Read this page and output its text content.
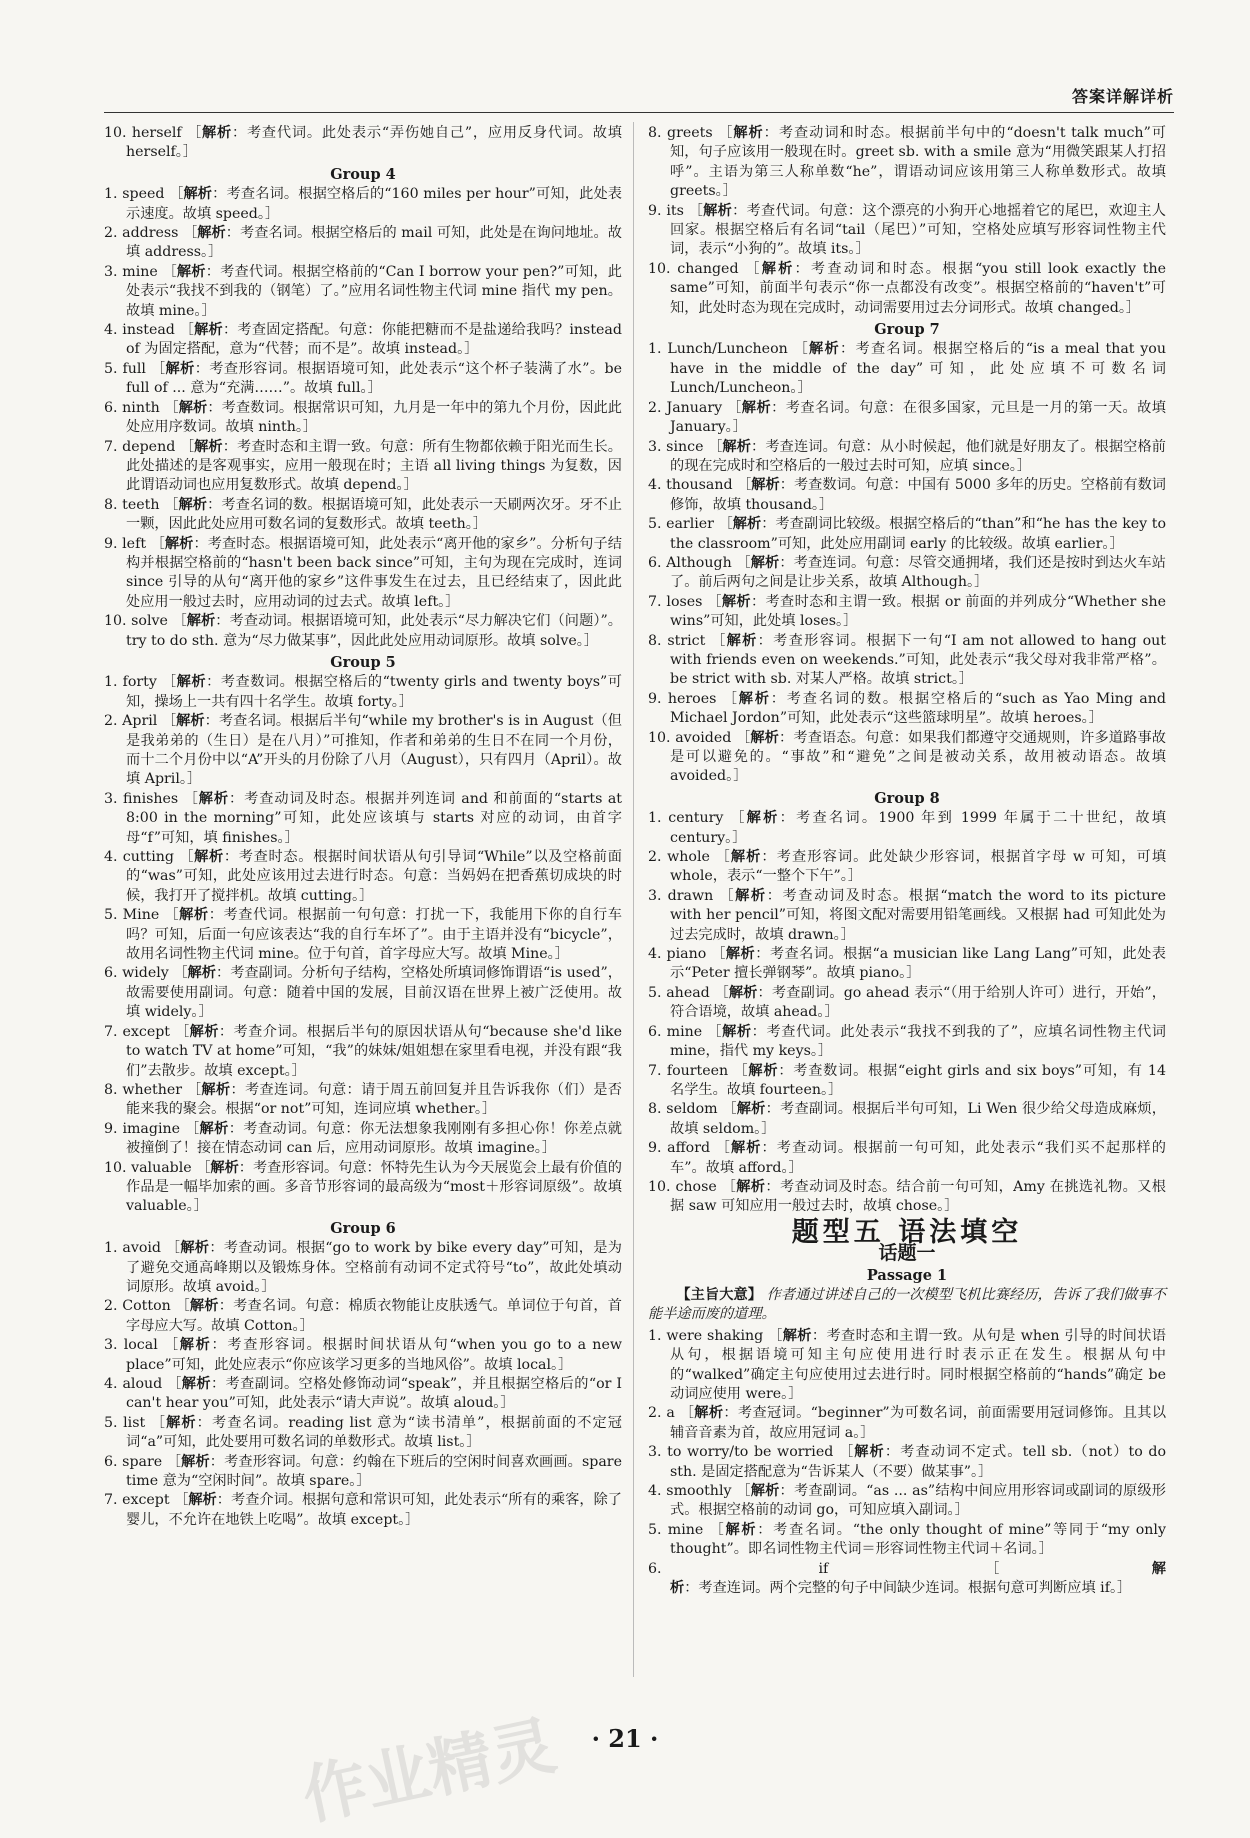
答案详解详析

10. herself ［解析：考查代词。此处表示“弄伤她自己”，应用反身代词。故填 herself。］

Group 4

1. speed ［解析：考查名词。根据空格后的“160 miles per hour”可知，此处表示速度。故填 speed。］

2. address ［解析：考查名词。根据空格后的 mail 可知，此处是在询问地址。故填 address。］

3. mine ［解析：考查代词。根据空格前的“Can I borrow your pen?”可知，此处表示“我找不到我的（钢笔）了。”应用名词性物主代词 mine 指代 my pen。故填 mine。］

4. instead ［解析：考查固定搭配。句意：你能把糖而不是盐递给我吗？instead of 为固定搭配，意为“代替；而不是”。故填 instead。］

5. full ［解析：考查形容词。根据语境可知，此处表示“这个杯子装满了水”。be full of ... 意为“充满……”。故填 full。］

6. ninth ［解析：考查数词。根据常识可知，九月是一年中的第九个月份，因此此处应用序数词。故填 ninth。］

7. depend ［解析：考查时态和主谓一致。句意：所有生物都依赖于阳光而生长。此处描述的是客观事实，应用一般现在时；主语 all living things 为复数，因此谓语动词也应用复数形式。故填 depend。］

8. teeth ［解析：考查名词的数。根据语境可知，此处表示一天刷两次牙。牙不止一颗，因此此处应用可数名词的复数形式。故填 teeth。］

9. left ［解析：考查时态。根据语境可知，此处表示“离开他的家乡”。分析句子结构并根据空格前的“hasn't been back since”可知，主句为现在完成时，连词 since 引导的从句“离开他的家乡”这件事发生在过去，且已经结束了，因此此处应用一般过去时，应用动词的过去式。故填 left。］

10. solve ［解析：考查动词。根据语境可知，此处表示“尽力解决它们（问题）”。try to do sth. 意为“尽力做某事”，因此此处应用动词原形。故填 solve。］

Group 5

1. forty ［解析：考查数词。根据空格后的“twenty girls and twenty boys”可知，操场上一共有四十名学生。故填 forty。］

2. April ［解析：考查名词。根据后半句“while my brother's is in August（但是我弟弟的（生日）是在八月）”可推知，作者和弟弟的生日不在同一个月份，而十二个月份中以“A”开头的月份除了八月（August），只有四月（April）。故填 April。］

3. finishes ［解析：考查动词及时态。根据并列连词 and 和前面的“starts at 8:00 in the morning”可知，此处应该填与 starts 对应的动词，由首字母“f”可知，填 finishes。］

4. cutting ［解析：考查时态。根据时间状语从句引导词“While”以及空格前面的“was”可知，此处应该用过去进行时态。句意：当妈妈在把香蕉切成块的时候，我打开了搅拌机。故填 cutting。］

5. Mine ［解析：考查代词。根据前一句句意：打扰一下，我能用下你的自行车吗？可知，后面一句应该表达“我的自行车坏了”。由于主语并没有“bicycle”，故用名词性物主代词 mine。位于句首，首字母应大写。故填 Mine。］

6. widely ［解析：考查副词。分析句子结构，空格处所填词修饰谓语“is used”，故需要使用副词。句意：随着中国的发展，目前汉语在世界上被广泛使用。故填 widely。］

7. except ［解析：考查介词。根据后半句的原因状语从句“because she'd like to watch TV at home”可知，“我”的妹妹/姐姐想在家里看电视，并没有跟“我们”去散步。故填 except。］

8. whether ［解析：考查连词。句意：请于周五前回复并且告诉我你（们）是否能来我的聚会。根据“or not”可知，连词应填 whether。］

9. imagine ［解析：考查动词。句意：你无法想象我刚刚有多担心你！你差点就被撞倒了！接在情态动词 can 后，应用动词原形。故填 imagine。］

10. valuable ［解析：考查形容词。句意：怀特先生认为今天展览会上最有价值的作品是一幅毕加索的画。多音节形容词的最高级为“most＋形容词原级”。故填 valuable。］

Group 6

1. avoid ［解析：考查动词。根据“go to work by bike every day”可知，是为了避免交通高峰期以及锻炼身体。空格前有动词不定式符号“to”，故此处填动词原形。故填 avoid。］

2. Cotton ［解析：考查名词。句意：棉质衣物能让皮肤透气。单词位于句首，首字母应大写。故填 Cotton。］

3. local ［解析：考查形容词。根据时间状语从句“when you go to a new place”可知，此处应表示“你应该学习更多的当地风俗”。故填 local。］

4. aloud ［解析：考查副词。空格处修饰动词“speak”，并且根据空格后的“or I can't hear you”可知，此处表示“请大声说”。故填 aloud。］

5. list ［解析：考查名词。reading list 意为“读书清单”，根据前面的不定冠词“a”可知，此处要用可数名词的单数形式。故填 list。］

6. spare ［解析：考查形容词。句意：约翰在下班后的空闲时间喜欢画画。spare time 意为“空闲时间”。故填 spare。］

7. except ［解析：考查介词。根据句意和常识可知，此处表示“所有的乘客，除了婴儿，不允许在地铁上吃喝”。故填 except。］

8. greets ［解析：考查动词和时态。根据前半句中的“doesn't talk much”可知，句子应该用一般现在时。greet sb. with a smile 意为“用微笑跟某人打招呼”。主语为第三人称单数“he”，谓语动词应该用第三人称单数形式。故填 greets。］

9. its ［解析：考查代词。句意：这个漂亮的小狗开心地摇着它的尾巴，欢迎主人回家。根据空格后有名词“tail（尾巴）”可知，空格处应填写形容词性物主代词，表示“小狗的”。故填 its。］

10. changed ［解析：考查动词和时态。根据“you still look exactly the same”可知，前面半句表示“你一点都没有改变”。根据空格前的“haven't”可知，此处时态为现在完成时，动词需要用过去分词形式。故填 changed。］

Group 7

1. Lunch/Luncheon ［解析：考查名词。根据空格后的“is a meal that you have in the middle of the day”可知，此处应填不可数名词 Lunch/Luncheon。］

2. January ［解析：考查名词。句意：在很多国家，元旦是一月的第一天。故填 January。］

3. since ［解析：考查连词。句意：从小时候起，他们就是好朋友了。根据空格前的现在完成时和空格后的一般过去时可知，应填 since。］

4. thousand ［解析：考查数词。句意：中国有 5000 多年的历史。空格前有数词修饰，故填 thousand。］

5. earlier ［解析：考查副词比较级。根据空格后的“than”和“he has the key to the classroom”可知，此处应用副词 early 的比较级。故填 earlier。］

6. Although ［解析：考查连词。句意：尽管交通拥堵，我们还是按时到达火车站了。前后两句之间是让步关系，故填 Although。］

7. loses ［解析：考查时态和主谓一致。根据 or 前面的并列成分“Whether she wins”可知，此处填 loses。］

8. strict ［解析：考查形容词。根据下一句“I am not allowed to hang out with friends even on weekends.”可知，此处表示“我父母对我非常严格”。be strict with sb. 对某人严格。故填 strict。］

9. heroes ［解析：考查名词的数。根据空格后的“such as Yao Ming and Michael Jordon”可知，此处表示“这些篮球明星”。故填 heroes。］

10. avoided ［解析：考查语态。句意：如果我们都遵守交通规则，许多道路事故是可以避免的。“事故”和“避免”之间是被动关系，故用被动语态。故填 avoided。］

Group 8

1. century ［解析：考查名词。1900 年到 1999 年属于二十世纪，故填 century。］

2. whole ［解析：考查形容词。此处缺少形容词，根据首字母 w 可知，可填 whole，表示“一整个下午”。］

3. drawn ［解析：考查动词及时态。根据“match the word to its picture with her pencil”可知，将图文配对需要用铅笔画线。又根据 had 可知此处为过去完成时，故填 drawn。］

4. piano ［解析：考查名词。根据“a musician like Lang Lang”可知，此处表示“Peter 擅长弹钢琴”。故填 piano。］

5. ahead ［解析：考查副词。go ahead 表示“（用于给别人许可）进行，开始”，符合语境，故填 ahead。］

6. mine ［解析：考查代词。此处表示“我找不到我的了”，应填名词性物主代词 mine，指代 my keys。］

7. fourteen ［解析：考查数词。根据“eight girls and six boys”可知，有 14 名学生。故填 fourteen。］

8. seldom ［解析：考查副词。根据后半句可知，Li Wen 很少给父母造成麻烦，故填 seldom。］

9. afford ［解析：考查动词。根据前一句可知，此处表示“我们买不起那样的车”。故填 afford。］

10. chose ［解析：考查动词及时态。结合前一句可知，Amy 在挑选礼物。又根据 saw 可知应用一般过去时，故填 chose。］

题型五 语法填空
话题一
Passage 1

【主旨大意】 作者通过讲述自己的一次模型飞机比赛经历，告诉了我们做事不能半途而废的道理。

1. were shaking ［解析：考查时态和主谓一致。从句是 when 引导的时间状语从句，根据语境可知主句应使用进行时表示正在发生。根据从句中的“walked”确定主句应使用过去进行时。同时根据空格前的“hands”确定 be 动词应使用 were。］

2. a ［解析：考查冠词。“beginner”为可数名词，前面需要用冠词修饰。且其以辅音音素为首，故应用冠词 a。］

3. to worry/to be worried ［解析：考查动词不定式。tell sb.（not）to do sth. 是固定搭配意为“告诉某人（不要）做某事”。］

4. smoothly ［解析：考查副词。“as ... as”结构中间应用形容词或副词的原级形式。根据空格前的动词 go，可知应填入副词。］

5. mine ［解析：考查名词。“the only thought of mine”等同于“my only thought”。即名词性物主代词＝形容词性物主代词＋名词。］

6. if ［解析：考查连词。两个完整的句子中间缺少连词。根据句意可判断应填 if。］

作业精灵	· 21 ·
